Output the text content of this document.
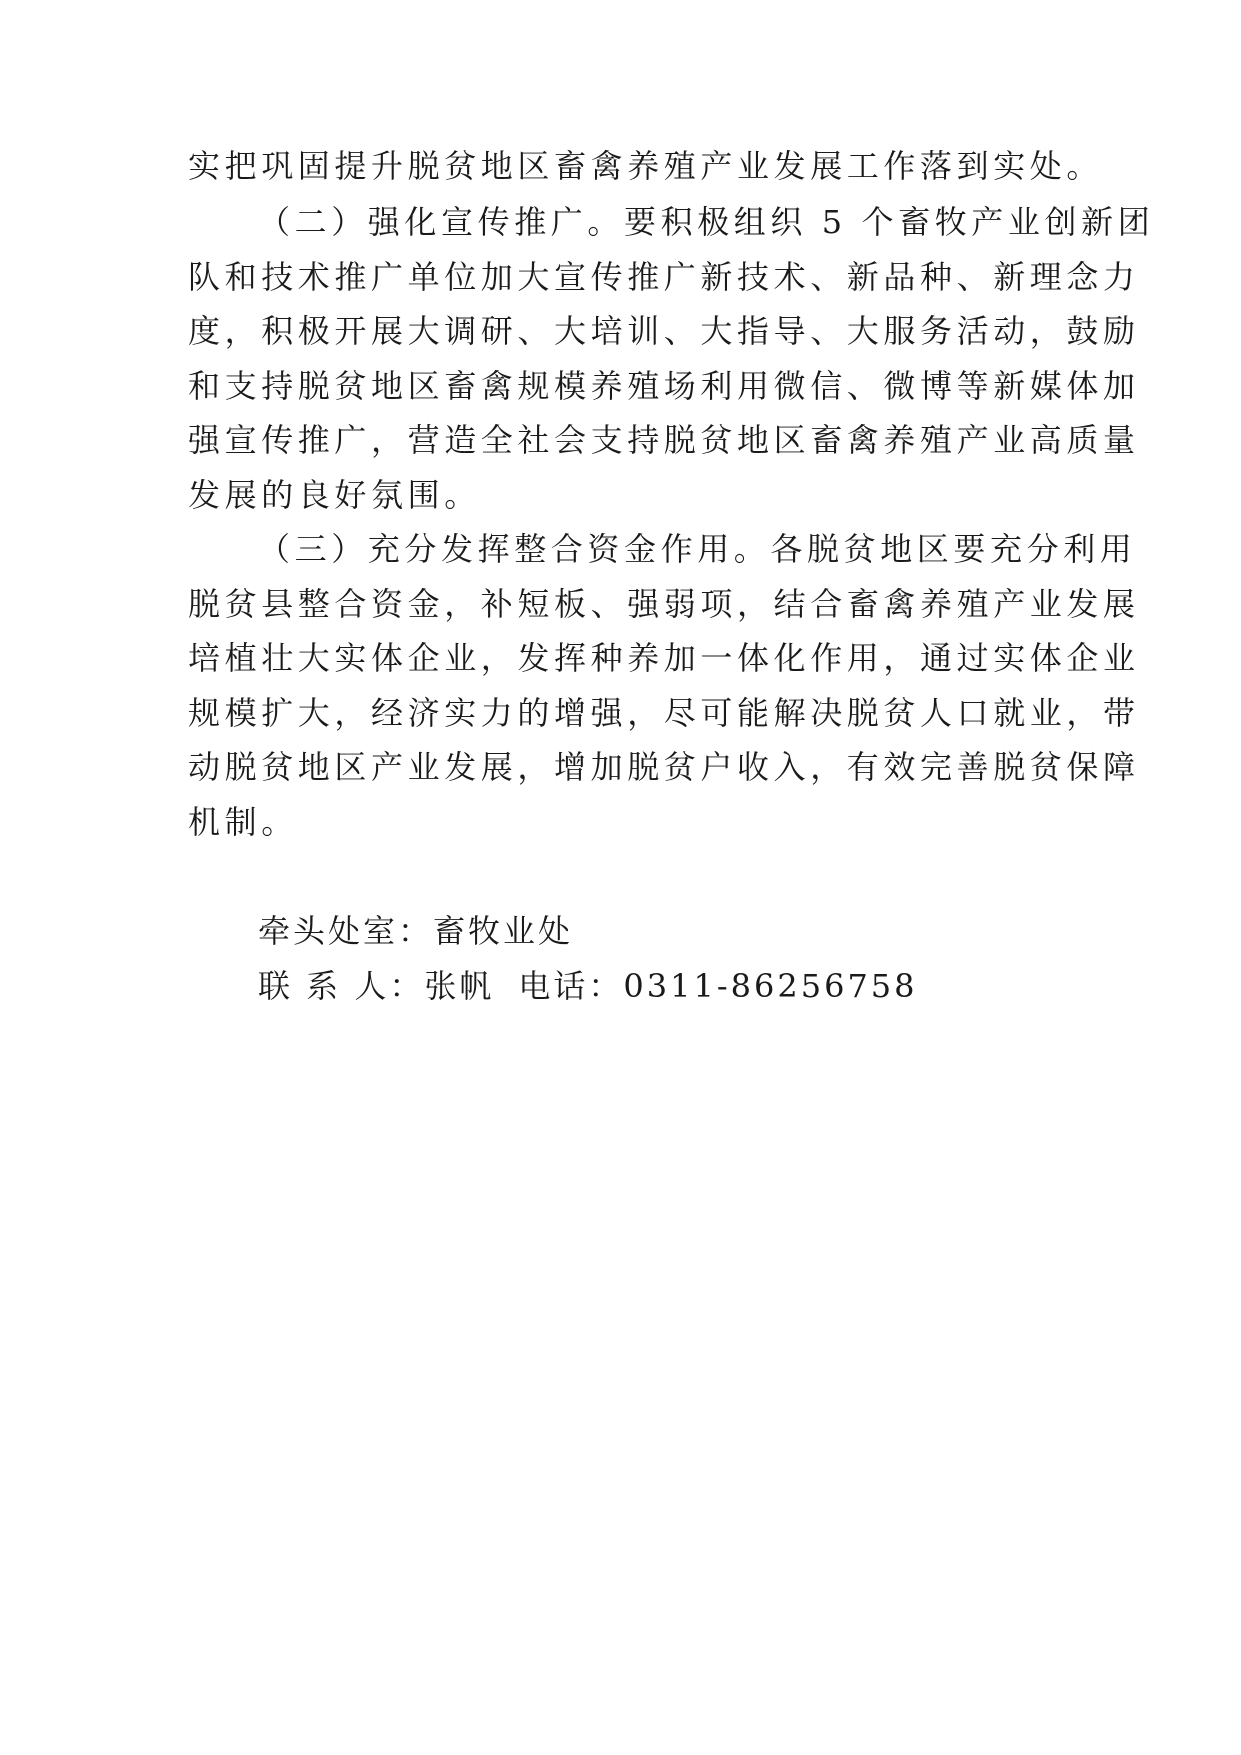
实把巩固提升脱贫地区畜禽养殖产业发展工作落到实处。
（二）强化宣传推广。要积极组织 5 个畜牧产业创新团
队和技术推广单位加大宣传推广新技术、新品种、新理念力
度，积极开展大调研、大培训、大指导、大服务活动，鼓励
和支持脱贫地区畜禽规模养殖场利用微信、微博等新媒体加
强宣传推广，营造全社会支持脱贫地区畜禽养殖产业高质量
发展的良好氛围。
（三）充分发挥整合资金作用。各脱贫地区要充分利用
脱贫县整合资金，补短板、强弱项，结合畜禽养殖产业发展
培植壮大实体企业，发挥种养加一体化作用，通过实体企业
规模扩大，经济实力的增强，尽可能解决脱贫人口就业，带
动脱贫地区产业发展，增加脱贫户收入，有效完善脱贫保障
机制。
牵头处室：畜牧业处
联 系 人：张帆 电话：0311-86256758
